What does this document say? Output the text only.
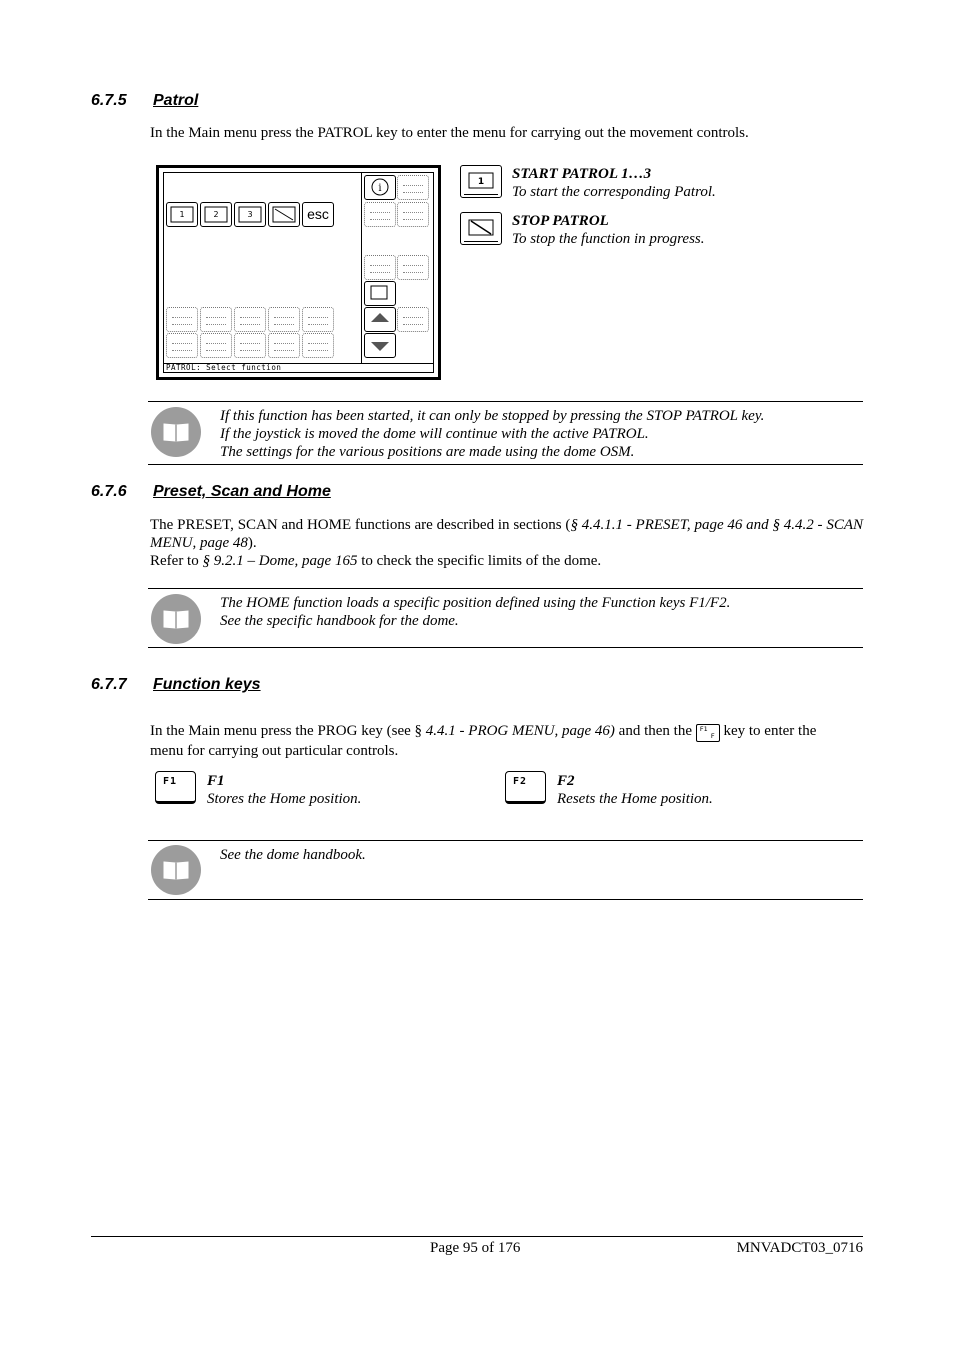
6.7.5 Patrol
In the Main menu press the PATROL key to enter the menu for carrying out the movement controls.
1	2	3	esc
i
PATROL: Select function
1 START PATROL 1…3
To start the corresponding Patrol.
STOP PATROL
To stop the function in progress.
If this function has been started, it can only be stopped by pressing the STOP PATROL key.
If the joystick is moved the dome will continue with the active PATROL.
The settings for the various positions are made using the dome OSM.
6.7.6 Preset, Scan and Home
The PRESET, SCAN and HOME functions are described in sections (§ 4.4.1.1 - PRESET, page 46 and § 4.4.2 - SCAN MENU, page 48).
Refer to § 9.2.1 – Dome, page 165 to check the specific limits of the dome.
The HOME function loads a specific position defined using the Function keys F1/F2.
See the specific handbook for the dome.
6.7.7 Function keys
In the Main menu press the PROG key (see § 4.4.1 - PROG MENU, page 46) and then the F1
F key to enter the
menu for carrying out particular controls.
F1	F1
Stores the Home position.
F2	F2
Resets the Home position.
See the dome handbook.
Page 95 of 176	MNVADCT03_0716
